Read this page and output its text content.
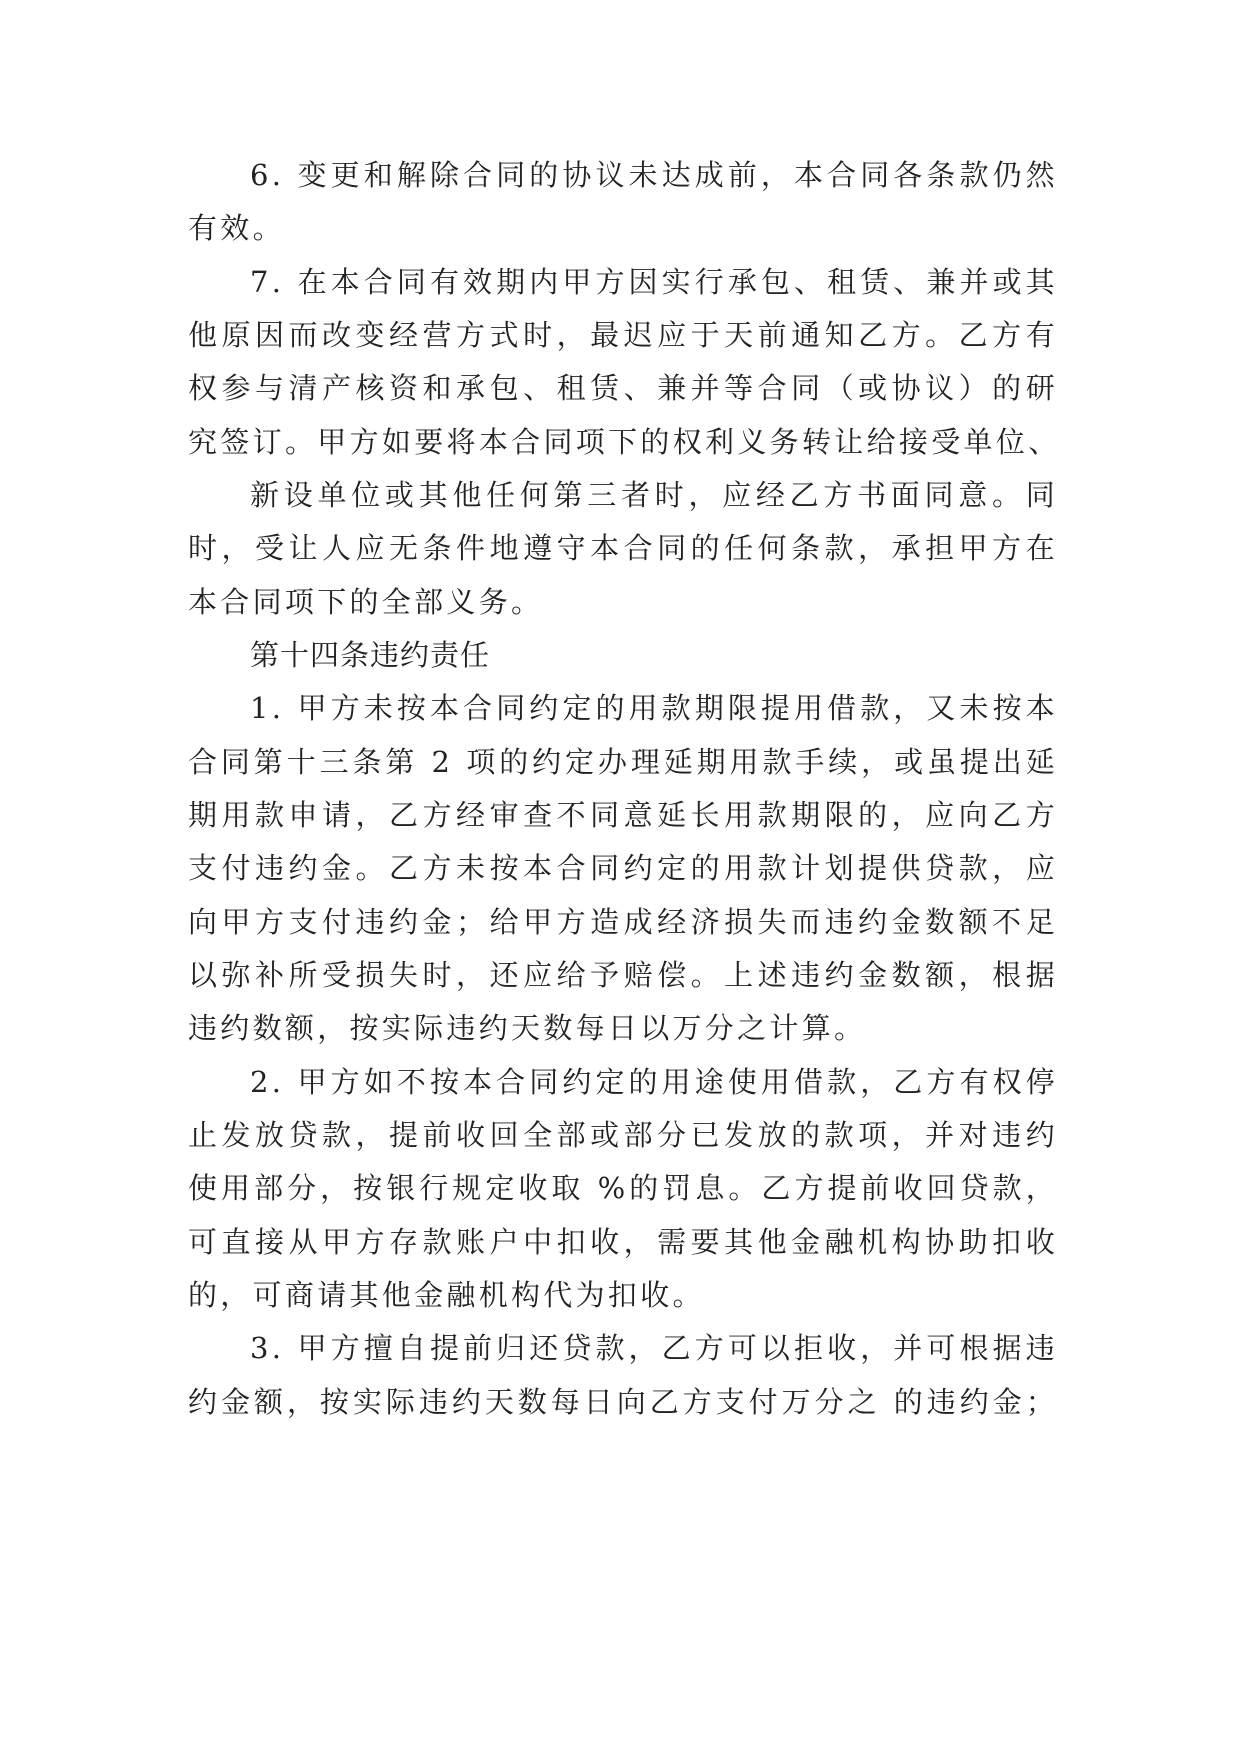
6. 变更和解除合同的协议未达成前，本合同各条款仍然
有效。
7. 在本合同有效期内甲方因实行承包、租赁、兼并或其
他原因而改变经营方式时，最迟应于天前通知乙方。乙方有
权参与清产核资和承包、租赁、兼并等合同（或协议）的研
究签订。甲方如要将本合同项下的权利义务转让给接受单位、
新设单位或其他任何第三者时，应经乙方书面同意。同
时，受让人应无条件地遵守本合同的任何条款，承担甲方在
本合同项下的全部义务。
第十四条违约责任
1. 甲方未按本合同约定的用款期限提用借款，又未按本
合同第十三条第 2 项的约定办理延期用款手续，或虽提出延
期用款申请，乙方经审查不同意延长用款期限的，应向乙方
支付违约金。乙方未按本合同约定的用款计划提供贷款，应
向甲方支付违约金；给甲方造成经济损失而违约金数额不足
以弥补所受损失时，还应给予赔偿。上述违约金数额，根据
违约数额，按实际违约天数每日以万分之计算。
2. 甲方如不按本合同约定的用途使用借款，乙方有权停
止发放贷款，提前收回全部或部分已发放的款项，并对违约
使用部分，按银行规定收取 %的罚息。乙方提前收回贷款，
可直接从甲方存款账户中扣收，需要其他金融机构协助扣收
的，可商请其他金融机构代为扣收。
3. 甲方擅自提前归还贷款，乙方可以拒收，并可根据违
约金额，按实际违约天数每日向乙方支付万分之 的违约金；
